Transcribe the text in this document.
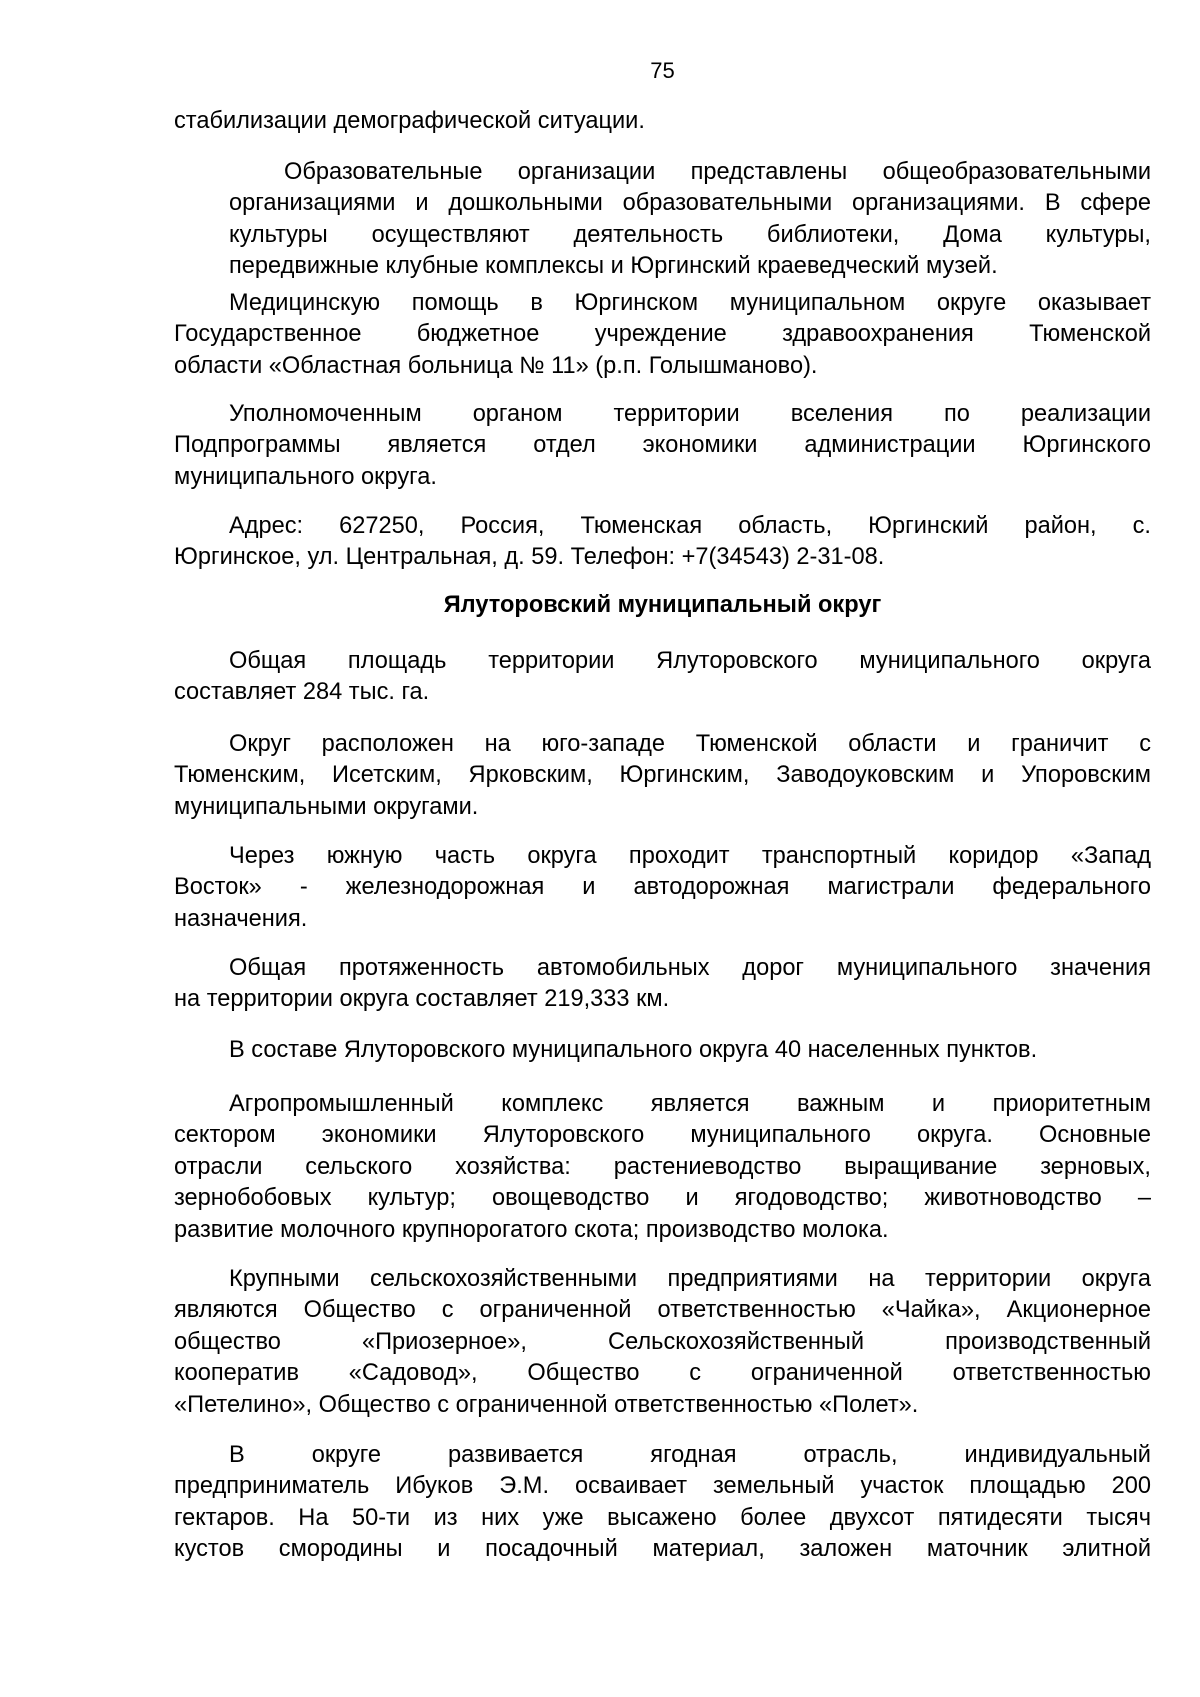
75
стабилизации демографической ситуации.
Образовательные организации представлены общеобразовательными
организациями и дошкольными образовательными организациями. В сфере
культуры осуществляют деятельность библиотеки, Дома культуры,
передвижные клубные комплексы и Юргинский краеведческий музей.
Медицинскую помощь в Юргинском муниципальном округе оказывает
Государственное бюджетное учреждение здравоохранения Тюменской
области «Областная больница № 11» (р.п. Голышманово).
Уполномоченным органом территории вселения по реализации
Подпрограммы является отдел экономики администрации Юргинского
муниципального округа.
Адрес: 627250, Россия, Тюменская область, Юргинский район, с.
Юргинское, ул. Центральная, д. 59. Телефон: +7(34543) 2-31-08.
Ялуторовский муниципальный округ
Общая площадь территории Ялуторовского муниципального округа
составляет 284 тыс. га.
Округ расположен на юго-западе Тюменской области и граничит с
Тюменским, Исетским, Ярковским, Юргинским, Заводоуковским и Упоровским
муниципальными округами.
Через южную часть округа проходит транспортный коридор «Запад
Восток» - железнодорожная и автодорожная магистрали федерального
назначения.
Общая протяженность автомобильных дорог муниципального значения
на территории округа составляет 219,333 км.
В составе Ялуторовского муниципального округа 40 населенных пунктов.
Агропромышленный комплекс является важным и приоритетным
сектором экономики Ялуторовского муниципального округа. Основные
отрасли сельского хозяйства: растениеводство выращивание зерновых,
зернобобовых культур; овощеводство и ягодоводство; животноводство –
развитие молочного крупнорогатого скота; производство молока.
Крупными сельскохозяйственными предприятиями на территории округа
являются Общество с ограниченной ответственностью «Чайка», Акционерное
общество «Приозерное», Сельскохозяйственный производственный
кооператив «Садовод», Общество с ограниченной ответственностью
«Петелино», Общество с ограниченной ответственностью «Полет».
В округе развивается ягодная отрасль, индивидуальный
предприниматель Ибуков Э.М. осваивает земельный участок площадью 200
гектаров. На 50-ти из них уже высажено более двухсот пятидесяти тысяч
кустов смородины и посадочный материал, заложен маточник элитной
